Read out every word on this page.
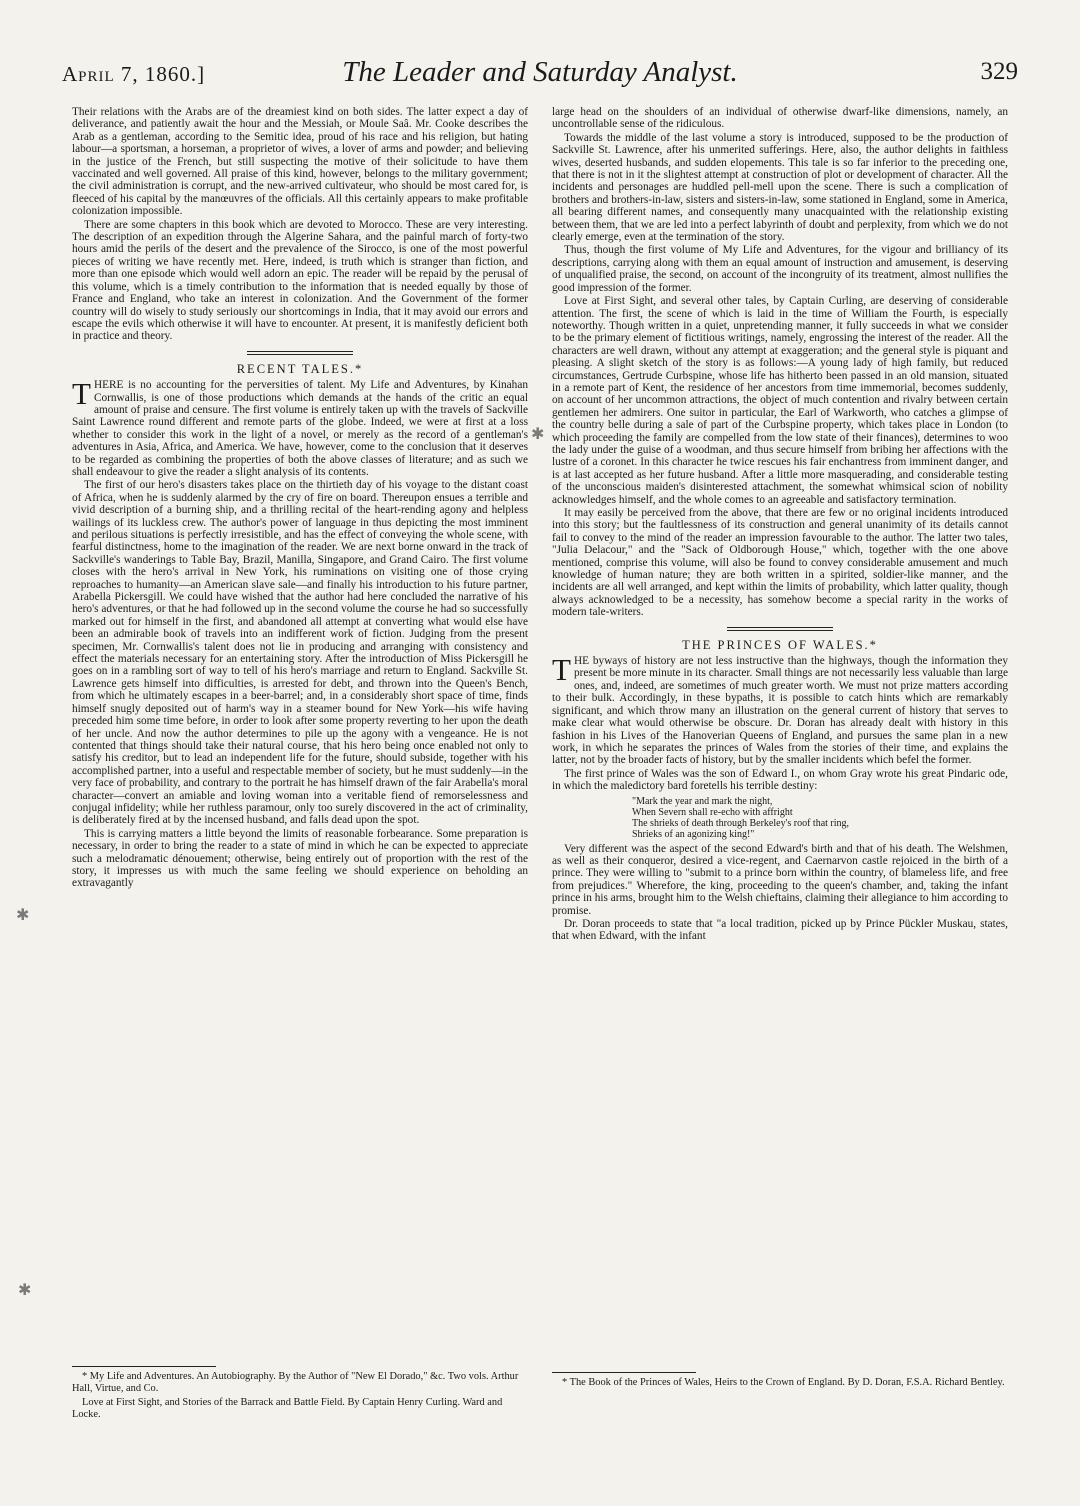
April 7, 1860.]	The Leader and Saturday Analyst.	329

Their relations with the Arabs are of the dreamiest kind on both sides. The latter expect a day of deliverance, and patiently await the hour and the Messiah, or Moule Saâ. Mr. Cooke describes the Arab as a gentleman, according to the Semitic idea, proud of his race and his religion, but hating labour—a sportsman, a horseman, a proprietor of wives, a lover of arms and powder; and believing in the justice of the French, but still suspecting the motive of their solicitude to have them vaccinated and well governed. All praise of this kind, however, belongs to the military government; the civil administration is corrupt, and the new-arrived cultivateur, who should be most cared for, is fleeced of his capital by the manœuvres of the officials. All this certainly appears to make profitable colonization impossible.

There are some chapters in this book which are devoted to Morocco. These are very interesting. The description of an expedition through the Algerine Sahara, and the painful march of forty-two hours amid the perils of the desert and the prevalence of the Sirocco, is one of the most powerful pieces of writing we have recently met. Here, indeed, is truth which is stranger than fiction, and more than one episode which would well adorn an epic. The reader will be repaid by the perusal of this volume, which is a timely contribution to the information that is needed equally by those of France and England, who take an interest in colonization. And the Government of the former country will do wisely to study seriously our shortcomings in India, that it may avoid our errors and escape the evils which otherwise it will have to encounter. At present, it is manifestly deficient both in practice and theory.

RECENT TALES.*

THERE is no accounting for the perversities of talent. My Life and Adventures, by Kinahan Cornwallis, is one of those productions which demands at the hands of the critic an equal amount of praise and censure. The first volume is entirely taken up with the travels of Sackville Saint Lawrence round different and remote parts of the globe. Indeed, we were at first at a loss whether to consider this work in the light of a novel, or merely as the record of a gentleman's adventures in Asia, Africa, and America. We have, however, come to the conclusion that it deserves to be regarded as combining the properties of both the above classes of literature; and as such we shall endeavour to give the reader a slight analysis of its contents.

The first of our hero's disasters takes place on the thirtieth day of his voyage to the distant coast of Africa, when he is suddenly alarmed by the cry of fire on board. Thereupon ensues a terrible and vivid description of a burning ship, and a thrilling recital of the heart-rending agony and helpless wailings of its luckless crew. The author's power of language in thus depicting the most imminent and perilous situations is perfectly irresistible, and has the effect of conveying the whole scene, with fearful distinctness, home to the imagination of the reader. We are next borne onward in the track of Sackville's wanderings to Table Bay, Brazil, Manilla, Singapore, and Grand Cairo. The first volume closes with the hero's arrival in New York, his ruminations on visiting one of those crying reproaches to humanity—an American slave sale—and finally his introduction to his future partner, Arabella Pickersgill. We could have wished that the author had here concluded the narrative of his hero's adventures, or that he had followed up in the second volume the course he had so successfully marked out for himself in the first, and abandoned all attempt at converting what would else have been an admirable book of travels into an indifferent work of fiction. Judging from the present specimen, Mr. Cornwallis's talent does not lie in producing and arranging with consistency and effect the materials necessary for an entertaining story. After the introduction of Miss Pickersgill he goes on in a rambling sort of way to tell of his hero's marriage and return to England. Sackville St. Lawrence gets himself into difficulties, is arrested for debt, and thrown into the Queen's Bench, from which he ultimately escapes in a beer-barrel; and, in a considerably short space of time, finds himself snugly deposited out of harm's way in a steamer bound for New York—his wife having preceded him some time before, in order to look after some property reverting to her upon the death of her uncle. And now the author determines to pile up the agony with a vengeance. He is not contented that things should take their natural course, that his hero being once enabled not only to satisfy his creditor, but to lead an independent life for the future, should subside, together with his accomplished partner, into a useful and respectable member of society, but he must suddenly—in the very face of probability, and contrary to the portrait he has himself drawn of the fair Arabella's moral character—convert an amiable and loving woman into a veritable fiend of remorselessness and conjugal infidelity; while her ruthless paramour, only too surely discovered in the act of criminality, is deliberately fired at by the incensed husband, and falls dead upon the spot.

This is carrying matters a little beyond the limits of reasonable forbearance. Some preparation is necessary, in order to bring the reader to a state of mind in which he can be expected to appreciate such a melodramatic dénouement; otherwise, being entirely out of proportion with the rest of the story, it impresses us with much the same feeling we should experience on beholding an extravagantly

large head on the shoulders of an individual of otherwise dwarf-like dimensions, namely, an uncontrollable sense of the ridiculous.

Towards the middle of the last volume a story is introduced, supposed to be the production of Sackville St. Lawrence, after his unmerited sufferings. Here, also, the author delights in faithless wives, deserted husbands, and sudden elopements. This tale is so far inferior to the preceding one, that there is not in it the slightest attempt at construction of plot or development of character. All the incidents and personages are huddled pell-mell upon the scene. There is such a complication of brothers and brothers-in-law, sisters and sisters-in-law, some stationed in England, some in America, all bearing different names, and consequently many unacquainted with the relationship existing between them, that we are led into a perfect labyrinth of doubt and perplexity, from which we do not clearly emerge, even at the termination of the story.

Thus, though the first volume of My Life and Adventures, for the vigour and brilliancy of its descriptions, carrying along with them an equal amount of instruction and amusement, is deserving of unqualified praise, the second, on account of the incongruity of its treatment, almost nullifies the good impression of the former.

Love at First Sight, and several other tales, by Captain Curling, are deserving of considerable attention. The first, the scene of which is laid in the time of William the Fourth, is especially noteworthy. Though written in a quiet, unpretending manner, it fully succeeds in what we consider to be the primary element of fictitious writings, namely, engrossing the interest of the reader. All the characters are well drawn, without any attempt at exaggeration; and the general style is piquant and pleasing. A slight sketch of the story is as follows:—A young lady of high family, but reduced circumstances, Gertrude Curbspine, whose life has hitherto been passed in an old mansion, situated in a remote part of Kent, the residence of her ancestors from time immemorial, becomes suddenly, on account of her uncommon attractions, the object of much contention and rivalry between certain gentlemen her admirers. One suitor in particular, the Earl of Warkworth, who catches a glimpse of the country belle during a sale of part of the Curbspine property, which takes place in London (to which proceeding the family are compelled from the low state of their finances), determines to woo the lady under the guise of a woodman, and thus secure himself from bribing her affections with the lustre of a coronet. In this character he twice rescues his fair enchantress from imminent danger, and is at last accepted as her future husband. After a little more masquerading, and considerable testing of the unconscious maiden's disinterested attachment, the somewhat whimsical scion of nobility acknowledges himself, and the whole comes to an agreeable and satisfactory termination.

It may easily be perceived from the above, that there are few or no original incidents introduced into this story; but the faultlessness of its construction and general unanimity of its details cannot fail to convey to the mind of the reader an impression favourable to the author. The latter two tales, "Julia Delacour," and the "Sack of Oldborough House," which, together with the one above mentioned, comprise this volume, will also be found to convey considerable amusement and much knowledge of human nature; they are both written in a spirited, soldier-like manner, and the incidents are all well arranged, and kept within the limits of probability, which latter quality, though always acknowledged to be a necessity, has somehow become a special rarity in the works of modern tale-writers.

THE PRINCES OF WALES.*

THE byways of history are not less instructive than the highways, though the information they present be more minute in its character. Small things are not necessarily less valuable than large ones, and, indeed, are sometimes of much greater worth. We must not prize matters according to their bulk. Accordingly, in these bypaths, it is possible to catch hints which are remarkably significant, and which throw many an illustration on the general current of history that serves to make clear what would otherwise be obscure. Dr. Doran has already dealt with history in this fashion in his Lives of the Hanoverian Queens of England, and pursues the same plan in a new work, in which he separates the princes of Wales from the stories of their time, and explains the latter, not by the broader facts of history, but by the smaller incidents which befel the former.

The first prince of Wales was the son of Edward I., on whom Gray wrote his great Pindaric ode, in which the maledictory bard foretells his terrible destiny:

"Mark the year and mark the night,
When Severn shall re-echo with affright
The shrieks of death through Berkeley's roof that ring,
Shrieks of an agonizing king!"

Very different was the aspect of the second Edward's birth and that of his death. The Welshmen, as well as their conqueror, desired a vice-regent, and Caernarvon castle rejoiced in the birth of a prince. They were willing to "submit to a prince born within the country, of blameless life, and free from prejudices." Wherefore, the king, proceeding to the queen's chamber, and, taking the infant prince in his arms, brought him to the Welsh chieftains, claiming their allegiance to him according to promise.

Dr. Doran proceeds to state that "a local tradition, picked up by Prince Pückler Muskau, states, that when Edward, with the infant

* My Life and Adventures. An Autobiography. By the Author of "New El Dorado," &c. Two vols. Arthur Hall, Virtue, and Co.

Love at First Sight, and Stories of the Barrack and Battle Field. By Captain Henry Curling. Ward and Locke.

* The Book of the Princes of Wales, Heirs to the Crown of England. By D. Doran, F.S.A. Richard Bentley.

✱
✱
✱
